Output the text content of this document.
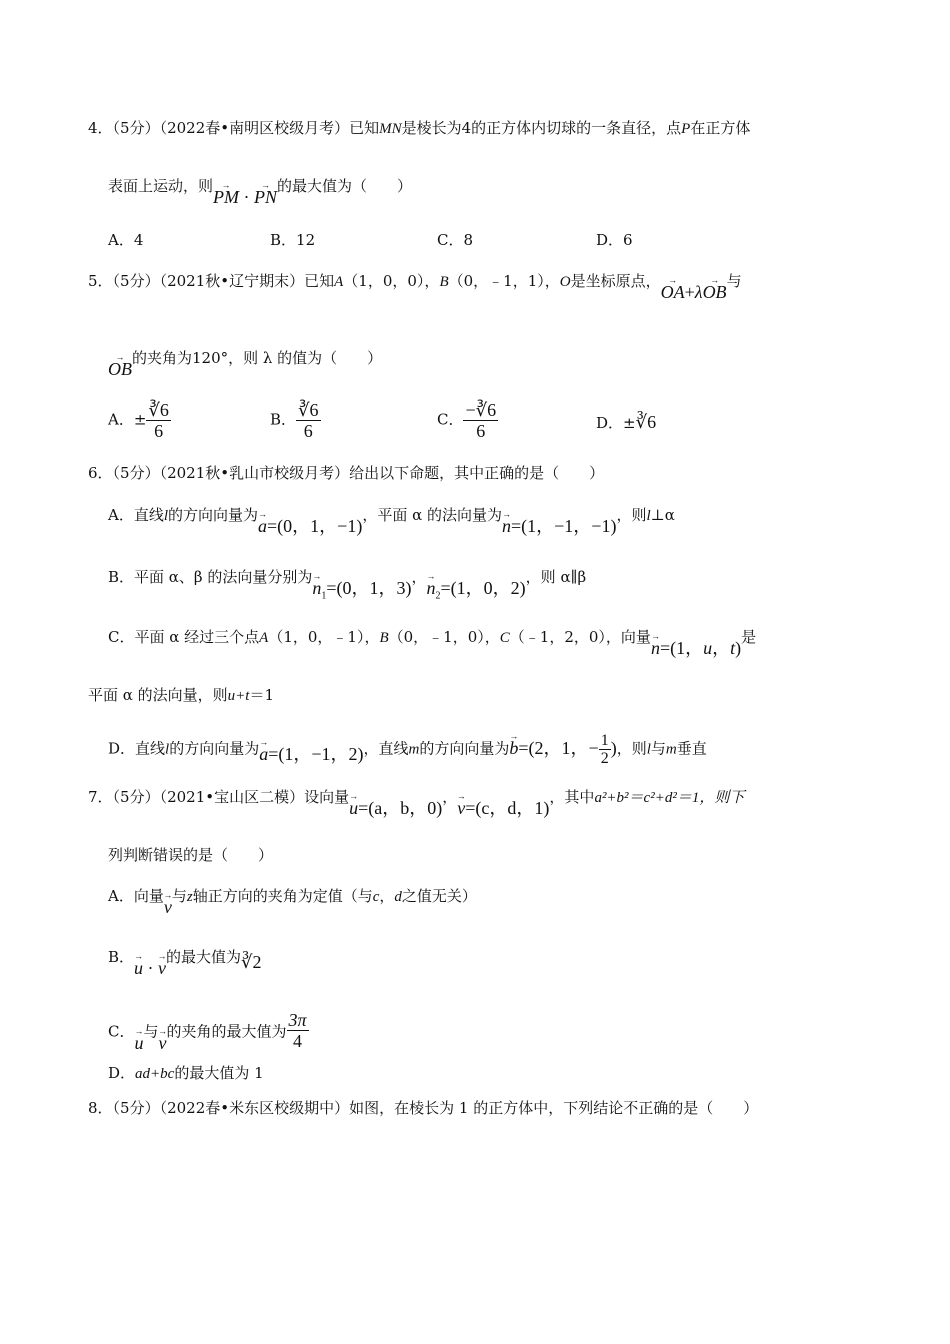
4．（5分）（2022春•南明区校级月考）已知MN是棱长为4的正方体内切球的一条直径，点P在正方体
表面上运动，则→ PM · → PN的最大值为（　　）
A．4	B．12	C．8	D．6
5．（5分）（2021秋•辽宁期末）已知A（1，0，0），B（0，﹣1，1），O是坐标原点，→ OA+λ→ OB与
→ OB的夹角为120°，则 λ 的值为（　　）
A．± $\frac{∛6}{6}$	B． $\frac{∛6}{6}$	C． $\frac{-∛6}{6}$	D．±∛6
6．（5分）（2021秋•乳山市校级月考）给出以下命题，其中正确的是（　　）
A．直线l的方向向量为→ a=(0，1，−1)，平面 α 的法向量为→ n=(1，−1，−1)，则l⊥α
B．平面 α、β 的法向量分别为→ $n_1=(0$，1，3)，→ $n_2=(1$，0，2)，则 α∥β
C．平面 α 经过三个点A（1，0，﹣1），B（0，﹣1，0），C（﹣1，2，0），向量→ n=(1，u，t)是
平面 α 的法向量，则u+t＝1
D．直线l的方向向量为→ a=(1，−1，2)，直线m的方向向量为→ b=(2，1，− $\frac{1}{2}$ )，则l与m垂直
7．（5分）（2021•宝山区二模）设向量→ u=(a，b，0)，→ v=(c，d，1)，其中a²+b²＝c²+d²＝1，则下
列判断错误的是（　　）
A．向量→ v与z轴正方向的夹角为定值（与c，d之值无关）
B．→ u · → v的最大值为∛2
C．→ u与→ v的夹角的最大值为 $\frac{3\pi}{4}$
D．ad+bc的最大值为 1
8．（5分）（2022春•米东区校级期中）如图，在棱长为 1 的正方体中，下列结论不正确的是（　　）
